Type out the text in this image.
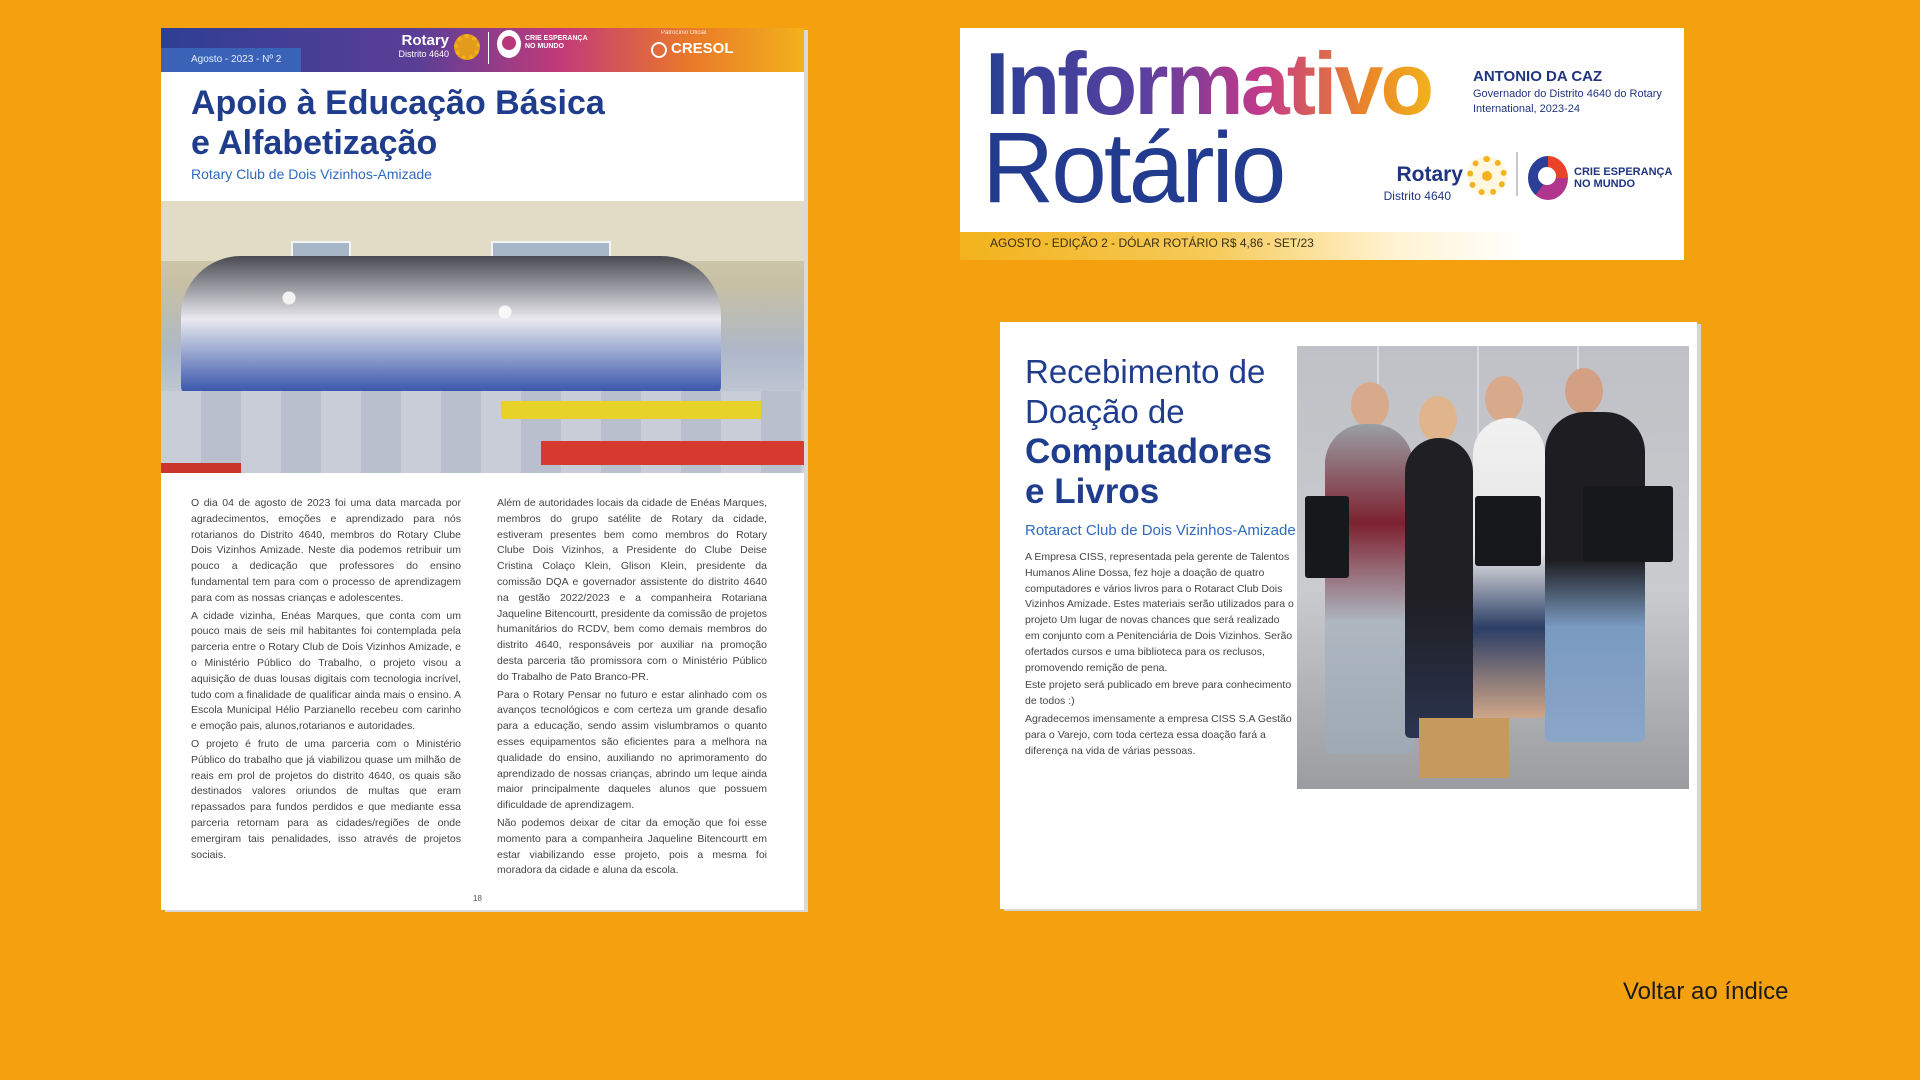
Agosto - 2023 - Nº 2
Rotary
Distrito 4640
CRIE ESPERANÇA
NO MUNDO
Patrocínio Oficial
CRESOL
Apoio à Educação Básica
e Alfabetização
Rotary Club de Dois Vizinhos-Amizade

O dia 04 de agosto de 2023 foi uma data marcada por agradecimentos, emoções e aprendizado para nós rotarianos do Distrito 4640, membros do Rotary Clube Dois Vizinhos Amizade. Neste dia podemos retribuir um pouco a dedicação que professores do ensino fundamental tem para com o processo de aprendizagem para com as nossas crianças e adolescentes.

A cidade vizinha, Enéas Marques, que conta com um pouco mais de seis mil habitantes foi contemplada pela parceria entre o Rotary Club de Dois Vizinhos Amizade, e o Ministério Público do Trabalho, o projeto visou a aquisição de duas lousas digitais com tecnologia incrível, tudo com a finalidade de qualificar ainda mais o ensino. A Escola Municipal Hélio Parzianello recebeu com carinho e emoção pais, alunos,rotarianos e autoridades.

O projeto é fruto de uma parceria com o Ministério Público do trabalho que já viabilizou quase um milhão de reais em prol de projetos do distrito 4640, os quais são destinados valores oriundos de multas que eram repassados para fundos perdidos e que mediante essa parceria retornam para as cidades/regiões de onde emergiram tais penalidades, isso através de projetos sociais.

Além de autoridades locais da cidade de Enéas Marques, membros do grupo satélite de Rotary da cidade, estiveram presentes bem como membros do Rotary Clube Dois Vizinhos, a Presidente do Clube Deise Cristina Colaço Klein, Glison Klein, presidente da comissão DQA e governador assistente do distrito 4640 na gestão 2022/2023 e a companheira Rotariana Jaqueline Bitencourtt, presidente da comissão de projetos humanitários do RCDV, bem como demais membros do distrito 4640, responsáveis por auxiliar na promoção desta parceria tão promissora com o Ministério Público do Trabalho de Pato Branco-PR.

Para o Rotary Pensar no futuro e estar alinhado com os avanços tecnológicos e com certeza um grande desafio para a educação, sendo assim vislumbramos o quanto esses equipamentos são eficientes para a melhora na qualidade do ensino, auxiliando no aprimoramento do aprendizado de nossas crianças, abrindo um leque ainda maior principalmente daqueles alunos que possuem dificuldade de aprendizagem.

Não podemos deixar de citar da emoção que foi esse momento para a companheira Jaqueline Bitencourtt em estar viabilizando esse projeto, pois a mesma foi moradora da cidade e aluna da escola.

18
Informativo
Rotário
ANTONIO DA CAZ
Governador do Distrito 4640 do Rotary International, 2023-24
Rotary
Distrito 4640
CRIE ESPERANÇA
NO MUNDO
AGOSTO - EDIÇÃO 2 - DÓLAR ROTÁRIO R$ 4,86 - SET/23
Recebimento de
Doação de
Computadores
e Livros
Rotaract Club de Dois Vizinhos-Amizade

A Empresa CISS, representada pela gerente de Talentos Humanos Aline Dossa, fez hoje a doação de quatro computadores e vários livros para o Rotaract Club Dois Vizinhos Amizade. Estes materiais serão utilizados para o projeto Um lugar de novas chances que será realizado em conjunto com a Penitenciária de Dois Vizinhos. Serão ofertados cursos e uma biblioteca para os reclusos, promovendo remição de pena.

Este projeto será publicado em breve para conhecimento de todos :)

Agradecemos imensamente a empresa CISS S.A Gestão para o Varejo, com toda certeza essa doação fará a diferença na vida de várias pessoas.

Voltar ao índice
